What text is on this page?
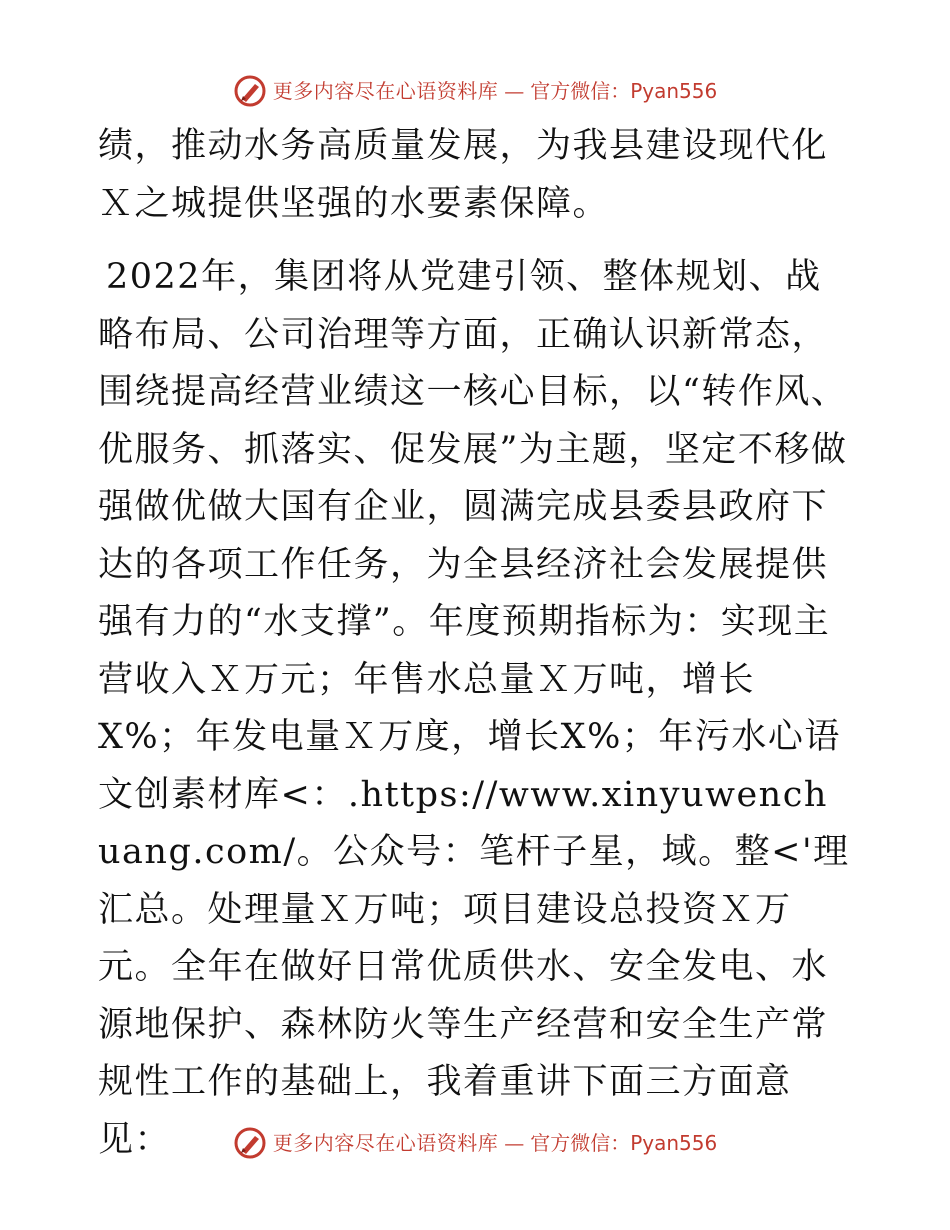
更多内容尽在心语资料库 — 官方微信：Pyan556

绩，推动水务高质量发展，为我县建设现代化Ｘ之城提供坚强的水要素保障。

2022年，集团将从党建引领、整体规划、战略布局、公司治理等方面，正确认识新常态，围绕提高经营业绩这一核心目标，以“转作风、优服务、抓落实、促发展”为主题，坚定不移做强做优做大国有企业，圆满完成县委县政府下达的各项工作任务，为全县经济社会发展提供强有力的“水支撑”。年度预期指标为：实现主营收入Ｘ万元；年售水总量Ｘ万吨，增长X%；年发电量Ｘ万度，增长X%；年污水心语文创素材库<：.https://www.xinyuwenchuang.com/。公众号：笔杆子星，域。整<'理汇总。处理量Ｘ万吨；项目建设总投资Ｘ万元。全年在做好日常优质供水、安全发电、水源地保护、森林防火等生产经营和安全生产常规性工作的基础上，我着重讲下面三方面意见：	更多内容尽在心语资料库 — 官方微信：Pyan556
